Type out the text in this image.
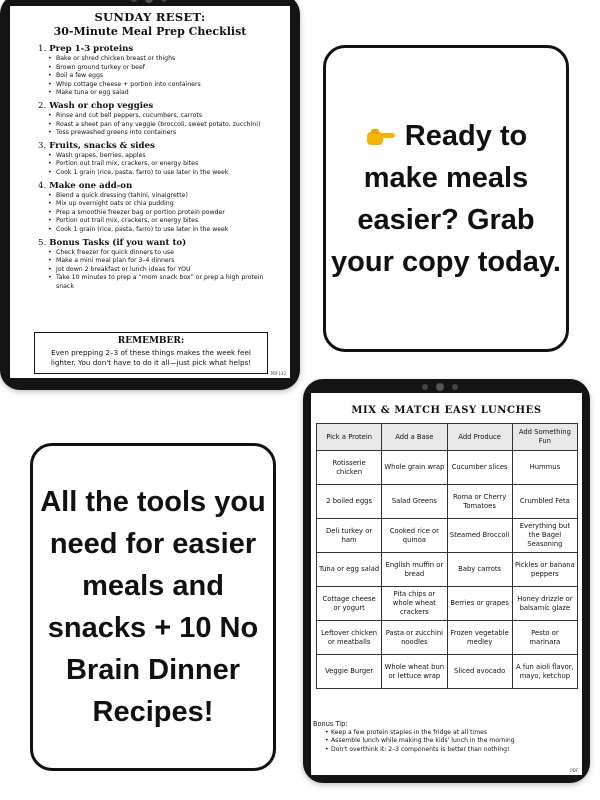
SUNDAY RESET:
30-Minute Meal Prep Checklist
1. Prep 1-3 proteins
• Bake or shred chicken breast or thighs
• Brown ground turkey or beef
• Boil a few eggs
• Whip cottage cheese + portion into containers
• Make tuna or egg salad
2. Wash or chop veggies
• Rinse and cut bell peppers, cucumbers, carrots
• Roast a sheet pan of any veggie (broccoli, sweet potato, zucchini)
• Toss prewashed greens into containers
3. Fruits, snacks & sides
• Wash grapes, berries, apples
• Portion out trail mix, crackers, or energy bites
• Cook 1 grain (rice, pasta, farro) to use later in the week
4. Make one add-on
• Blend a quick dressing (tahini, vinaigrette)
• Mix up overnight oats or chia pudding
• Prep a smoothie freezer bag or portion protein powder
• Portion out trail mix, crackers, or energy bites
• Cook 1 grain (rice, pasta, farro) to use later in the week
5. Bonus Tasks (if you want to)
• Check freezer for quick dinners to use
• Make a mini meal plan for 3–4 dinners
• Jot down 2 breakfast or lunch ideas for YOU
• Take 10 minutes to prep a “mom snack box” or prep a high protein snack
REMEMBER:
Even prepping 2–3 of these things makes the week feel lighter. You don't have to do it all—just pick what helps!
PDF132
Ready to make meals easier? Grab your copy today.
All the tools you need for easier meals and snacks + 10 No Brain Dinner Recipes!
MIX & MATCH EASY LUNCHES
Pick a Protein	Add a Base	Add Produce	Add Something Fun
Rotisserie chicken	Whole grain wrap	Cucumber slices	Hummus
2 boiled eggs	Salad Greens	Roma or Cherry Tomatoes	Crumbled Feta
Deli turkey or ham	Cooked rice or quinoa	Steamed Broccoli	Everything but the Bagel Seasoning
Tuna or egg salad	English muffin or bread	Baby carrots	Pickles or banana peppers
Cottage cheese or yogurt	Pita chips or whole wheat crackers	Berries or grapes	Honey drizzle or balsamic glaze
Leftover chicken or meatballs	Pasta or zucchini noodles	Frozen vegetable medley	Pesto or marinara
Veggie Burger	Whole wheat bun or lettuce wrap	Sliced avocado	A fun aioli flavor, mayo, ketchup
Bonus Tip:
• Keep a few protein staples in the fridge at all times
• Assemble lunch while making the kids' lunch in the morning
• Don't overthink it: 2–3 components is better than nothing!
PDF
